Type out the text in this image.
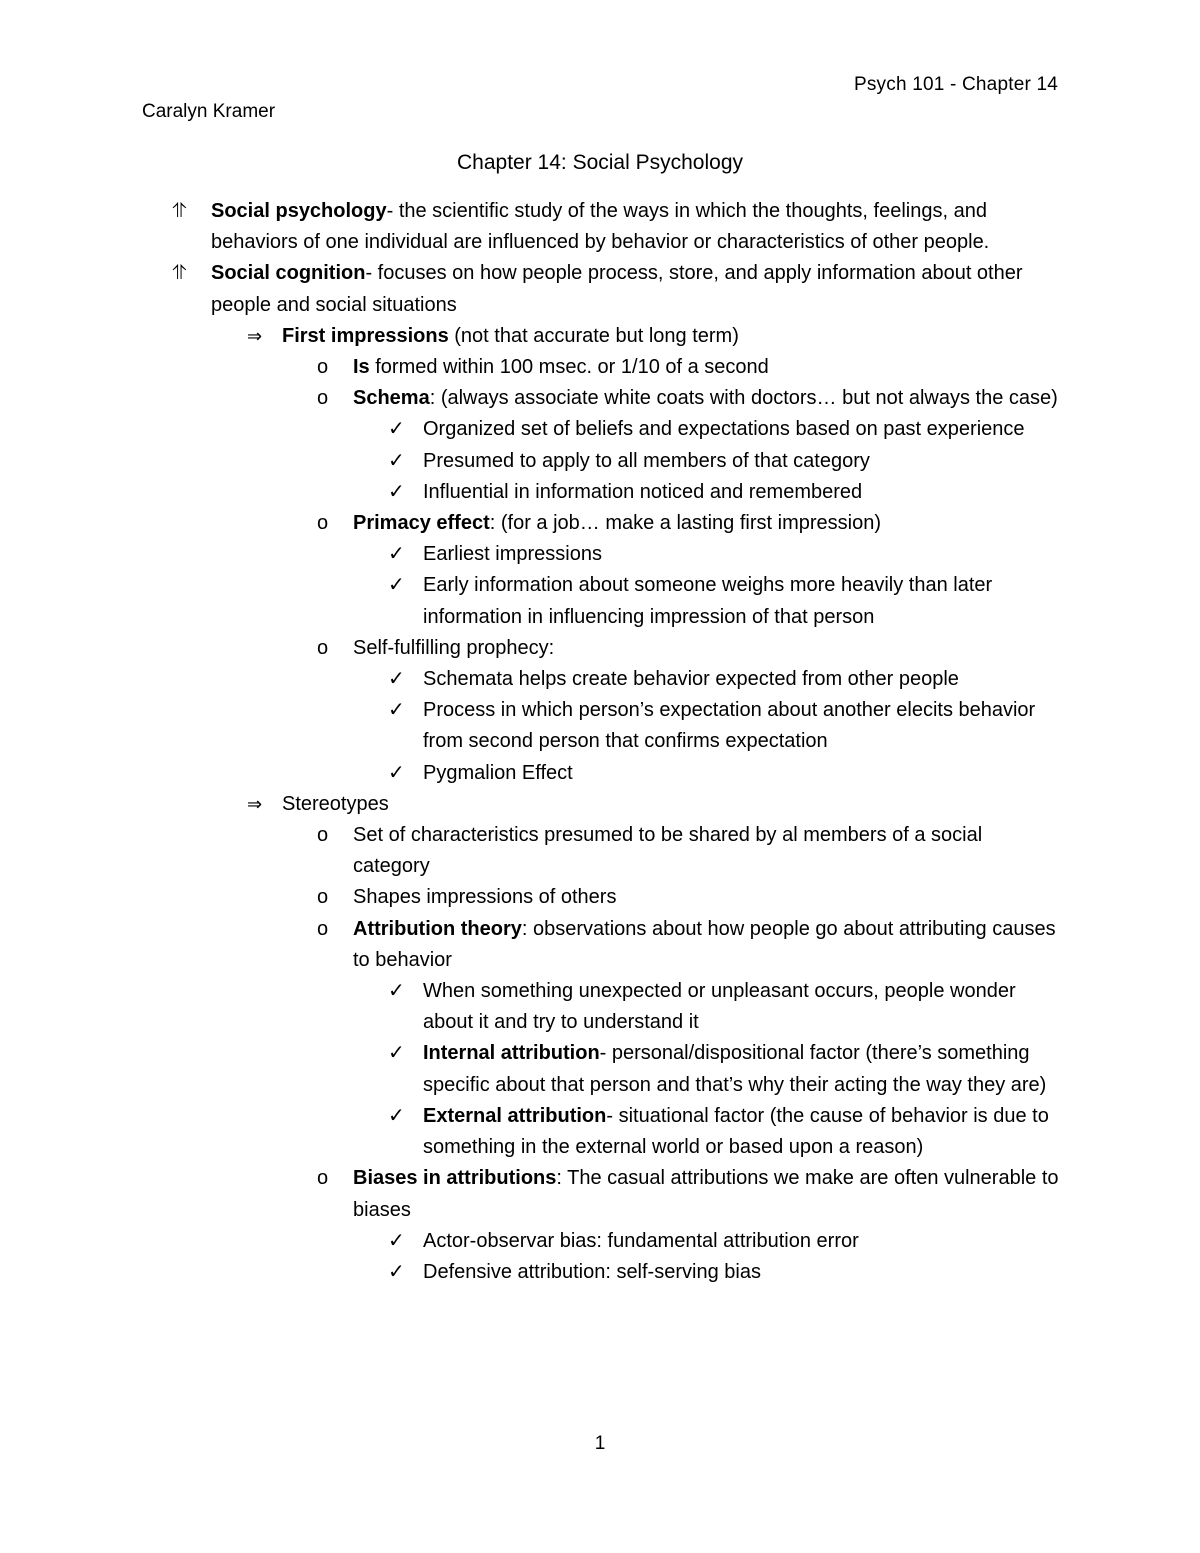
Psych 101 - Chapter 14
Caralyn Kramer
Chapter 14: Social Psychology
⥣ Social psychology- the scientific study of the ways in which the thoughts, feelings, and behaviors of one individual are influenced by behavior or characteristics of other people.
⥣ Social cognition- focuses on how people process, store, and apply information about other people and social situations
⇒ First impressions (not that accurate but long term)
o Is formed within 100 msec. or 1/10 of a second
o Schema: (always associate white coats with doctors… but not always the case)
✓ Organized set of beliefs and expectations based on past experience
✓ Presumed to apply to all members of that category
✓ Influential in information noticed and remembered
o Primacy effect: (for a job… make a lasting first impression)
✓ Earliest impressions
✓ Early information about someone weighs more heavily than later information in influencing impression of that person
o Self-fulfilling prophecy:
✓ Schemata helps create behavior expected from other people
✓ Process in which person’s expectation about another elecits behavior from second person that confirms expectation
✓ Pygmalion Effect
⇒ Stereotypes
o Set of characteristics presumed to be shared by al members of a social category
o Shapes impressions of others
o Attribution theory: observations about how people go about attributing causes to behavior
✓ When something unexpected or unpleasant occurs, people wonder about it and try to understand it
✓ Internal attribution- personal/dispositional factor (there’s something specific about that person and that’s why their acting the way they are)
✓ External attribution- situational factor (the cause of behavior is due to something in the external world or based upon a reason)
o Biases in attributions: The casual attributions we make are often vulnerable to biases
✓ Actor-observar bias: fundamental attribution error
✓ Defensive attribution: self-serving bias
1
